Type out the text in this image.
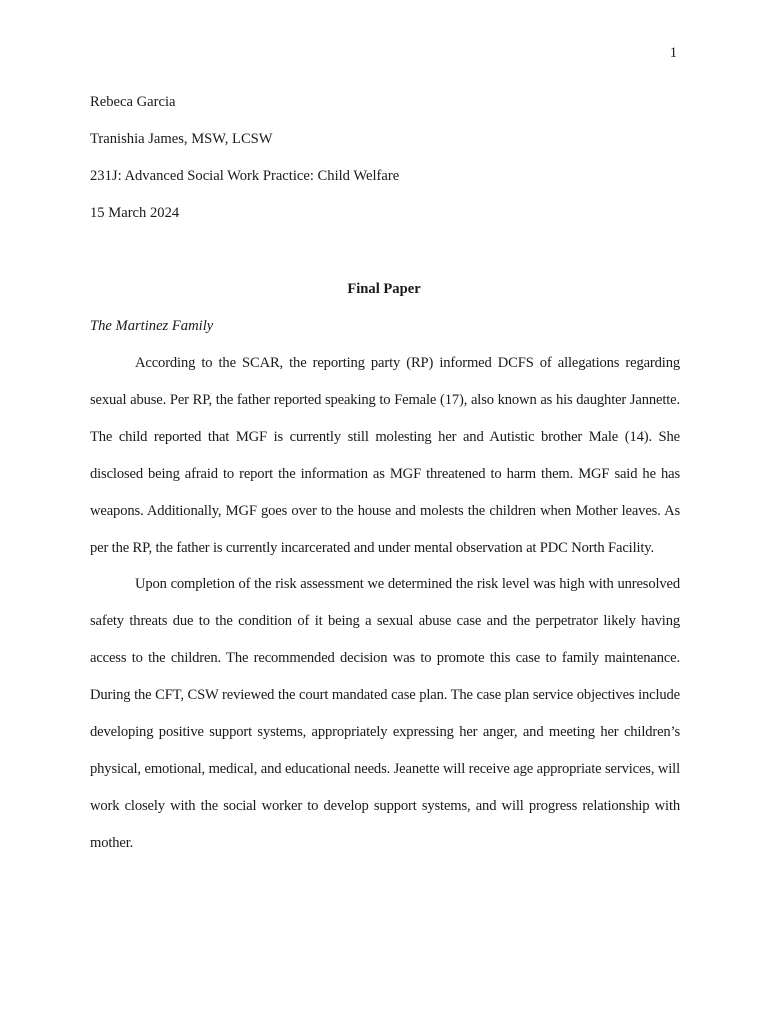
1
Rebeca Garcia
Tranishia James, MSW, LCSW
231J: Advanced Social Work Practice: Child Welfare
15 March 2024
Final Paper
The Martinez Family

According to the SCAR, the reporting party (RP) informed DCFS of allegations regarding sexual abuse. Per RP, the father reported speaking to Female (17), also known as his daughter Jannette. The child reported that MGF is currently still molesting her and Autistic brother Male (14). She disclosed being afraid to report the information as MGF threatened to harm them. MGF said he has weapons. Additionally, MGF goes over to the house and molests the children when Mother leaves. As per the RP, the father is currently incarcerated and under mental observation at PDC North Facility.

Upon completion of the risk assessment we determined the risk level was high with unresolved safety threats due to the condition of it being a sexual abuse case and the perpetrator likely having access to the children. The recommended decision was to promote this case to family maintenance. During the CFT, CSW reviewed the court mandated case plan. The case plan service objectives include developing positive support systems, appropriately expressing her anger, and meeting her children’s physical, emotional, medical, and educational needs. Jeanette will receive age appropriate services, will work closely with the social worker to develop support systems, and will progress relationship with mother.
